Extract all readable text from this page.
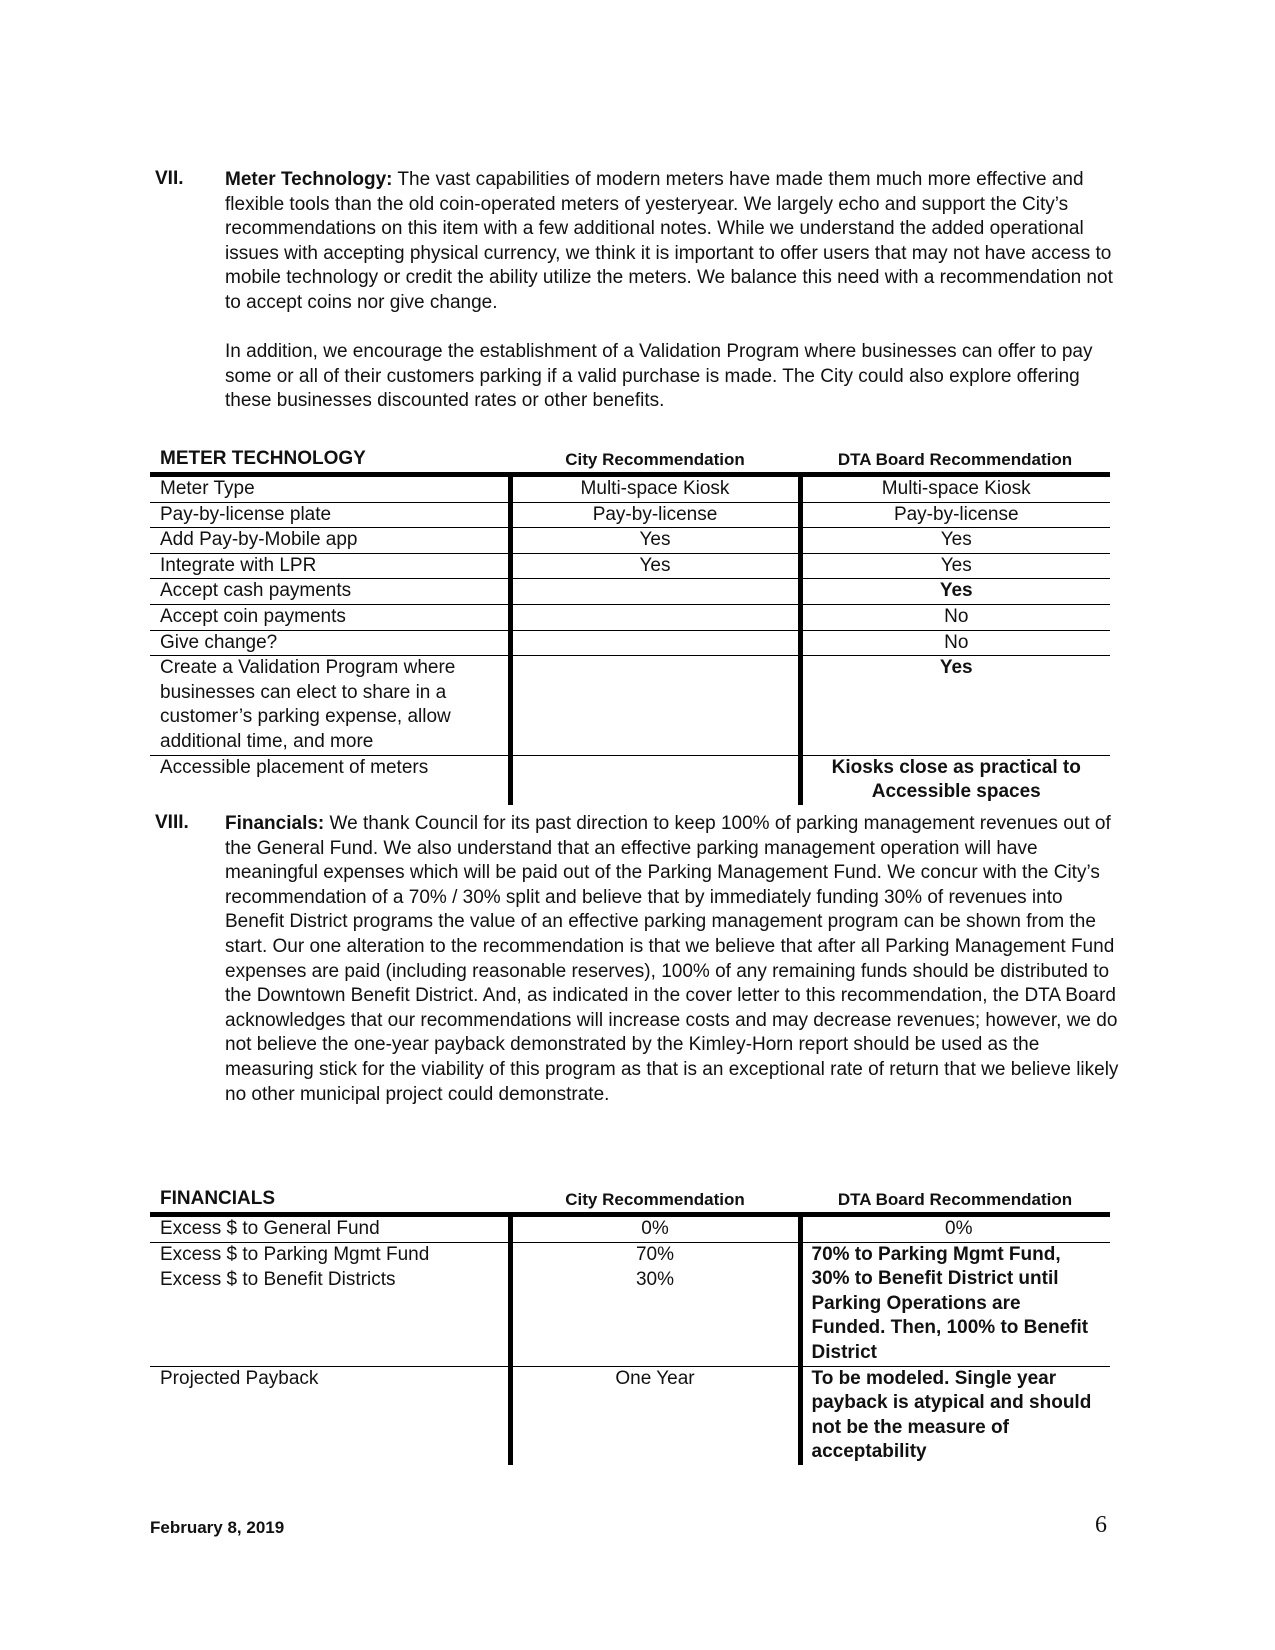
VII. Meter Technology: The vast capabilities of modern meters have made them much more effective and flexible tools than the old coin-operated meters of yesteryear. We largely echo and support the City’s recommendations on this item with a few additional notes. While we understand the added operational issues with accepting physical currency, we think it is important to offer users that may not have access to mobile technology or credit the ability utilize the meters. We balance this need with a recommendation not to accept coins nor give change.

In addition, we encourage the establishment of a Validation Program where businesses can offer to pay some or all of their customers parking if a valid purchase is made. The City could also explore offering these businesses discounted rates or other benefits.

METER TECHNOLOGY	City Recommendation	DTA Board Recommendation
Meter Type	Multi-space Kiosk	Multi-space Kiosk
Pay-by-license plate	Pay-by-license	Pay-by-license
Add Pay-by-Mobile app	Yes	Yes
Integrate with LPR	Yes	Yes
Accept cash payments		Yes
Accept coin payments		No
Give change?		No
Create a Validation Program where businesses can elect to share in a customer’s parking expense, allow additional time, and more		Yes
Accessible placement of meters		Kiosks close as practical to Accessible spaces
VIII. Financials: We thank Council for its past direction to keep 100% of parking management revenues out of the General Fund. We also understand that an effective parking management operation will have meaningful expenses which will be paid out of the Parking Management Fund. We concur with the City’s recommendation of a 70% / 30% split and believe that by immediately funding 30% of revenues into Benefit District programs the value of an effective parking management program can be shown from the start. Our one alteration to the recommendation is that we believe that after all Parking Management Fund expenses are paid (including reasonable reserves), 100% of any remaining funds should be distributed to the Downtown Benefit District. And, as indicated in the cover letter to this recommendation, the DTA Board acknowledges that our recommendations will increase costs and may decrease revenues; however, we do not believe the one-year payback demonstrated by the Kimley-Horn report should be used as the measuring stick for the viability of this program as that is an exceptional rate of return that we believe likely no other municipal project could demonstrate.

FINANCIALS	City Recommendation	DTA Board Recommendation
Excess $ to General Fund	0%	0%
Excess $ to Parking Mgmt Fund	70%	70% to Parking Mgmt Fund, 30% to Benefit District until Parking Operations are Funded. Then, 100% to Benefit District
Excess $ to Benefit Districts	30%	
Projected Payback	One Year	To be modeled. Single year payback is atypical and should not be the measure of acceptability
February 8, 2019	6
